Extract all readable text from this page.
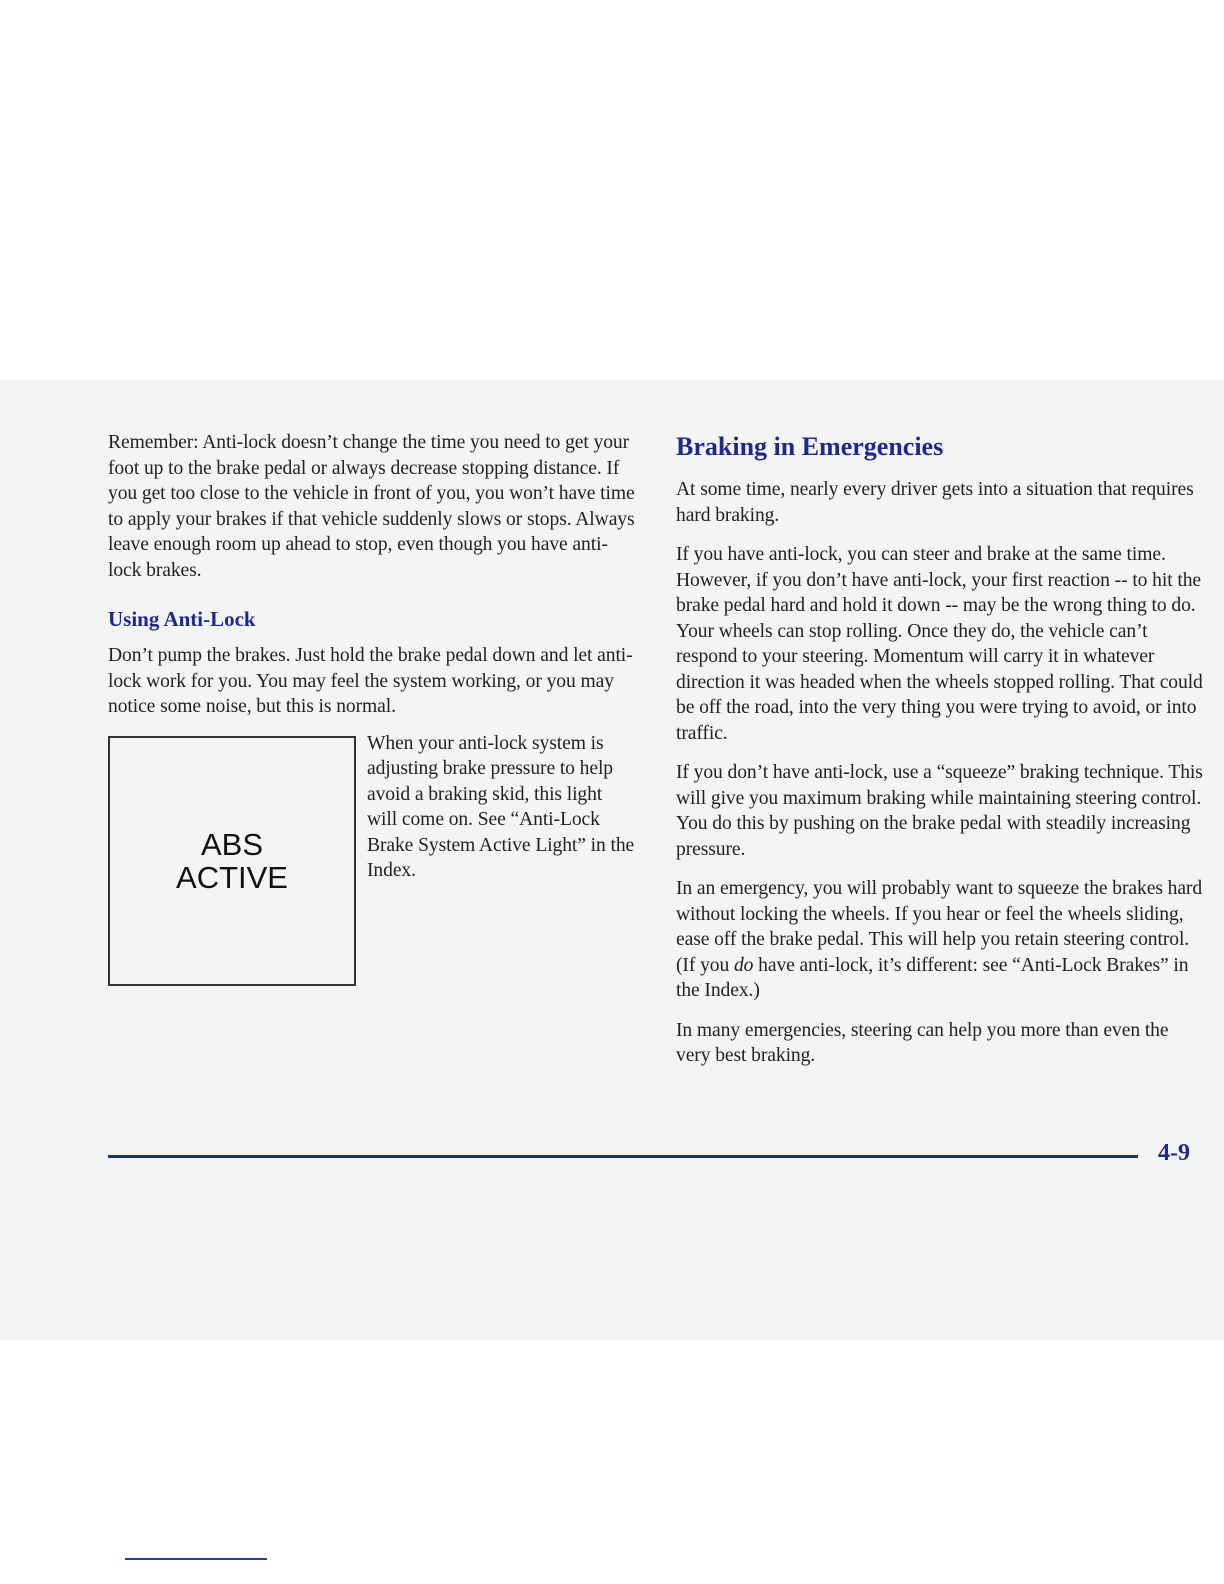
Remember: Anti-lock doesn’t change the time you need to get your foot up to the brake pedal or always decrease stopping distance. If you get too close to the vehicle in front of you, you won’t have time to apply your brakes if that vehicle suddenly slows or stops. Always leave enough room up ahead to stop, even though you have anti-lock brakes.

Using Anti-Lock

Don’t pump the brakes. Just hold the brake pedal down and let anti-lock work for you. You may feel the system working, or you may notice some noise, but this is normal.

ABS
ACTIVE

When your anti-lock system is adjusting brake pressure to help avoid a braking skid, this light will come on. See “Anti-Lock Brake System Active Light” in the Index.

Braking in Emergencies

At some time, nearly every driver gets into a situation that requires hard braking.

If you have anti-lock, you can steer and brake at the same time. However, if you don’t have anti-lock, your first reaction -- to hit the brake pedal hard and hold it down -- may be the wrong thing to do. Your wheels can stop rolling. Once they do, the vehicle can’t respond to your steering. Momentum will carry it in whatever direction it was headed when the wheels stopped rolling. That could be off the road, into the very thing you were trying to avoid, or into traffic.

If you don’t have anti-lock, use a “squeeze” braking technique. This will give you maximum braking while maintaining steering control. You do this by pushing on the brake pedal with steadily increasing pressure.

In an emergency, you will probably want to squeeze the brakes hard without locking the wheels. If you hear or feel the wheels sliding, ease off the brake pedal. This will help you retain steering control. (If you do have anti-lock, it’s different: see “Anti-Lock Brakes” in the Index.)

In many emergencies, steering can help you more than even the very best braking.

4-9
